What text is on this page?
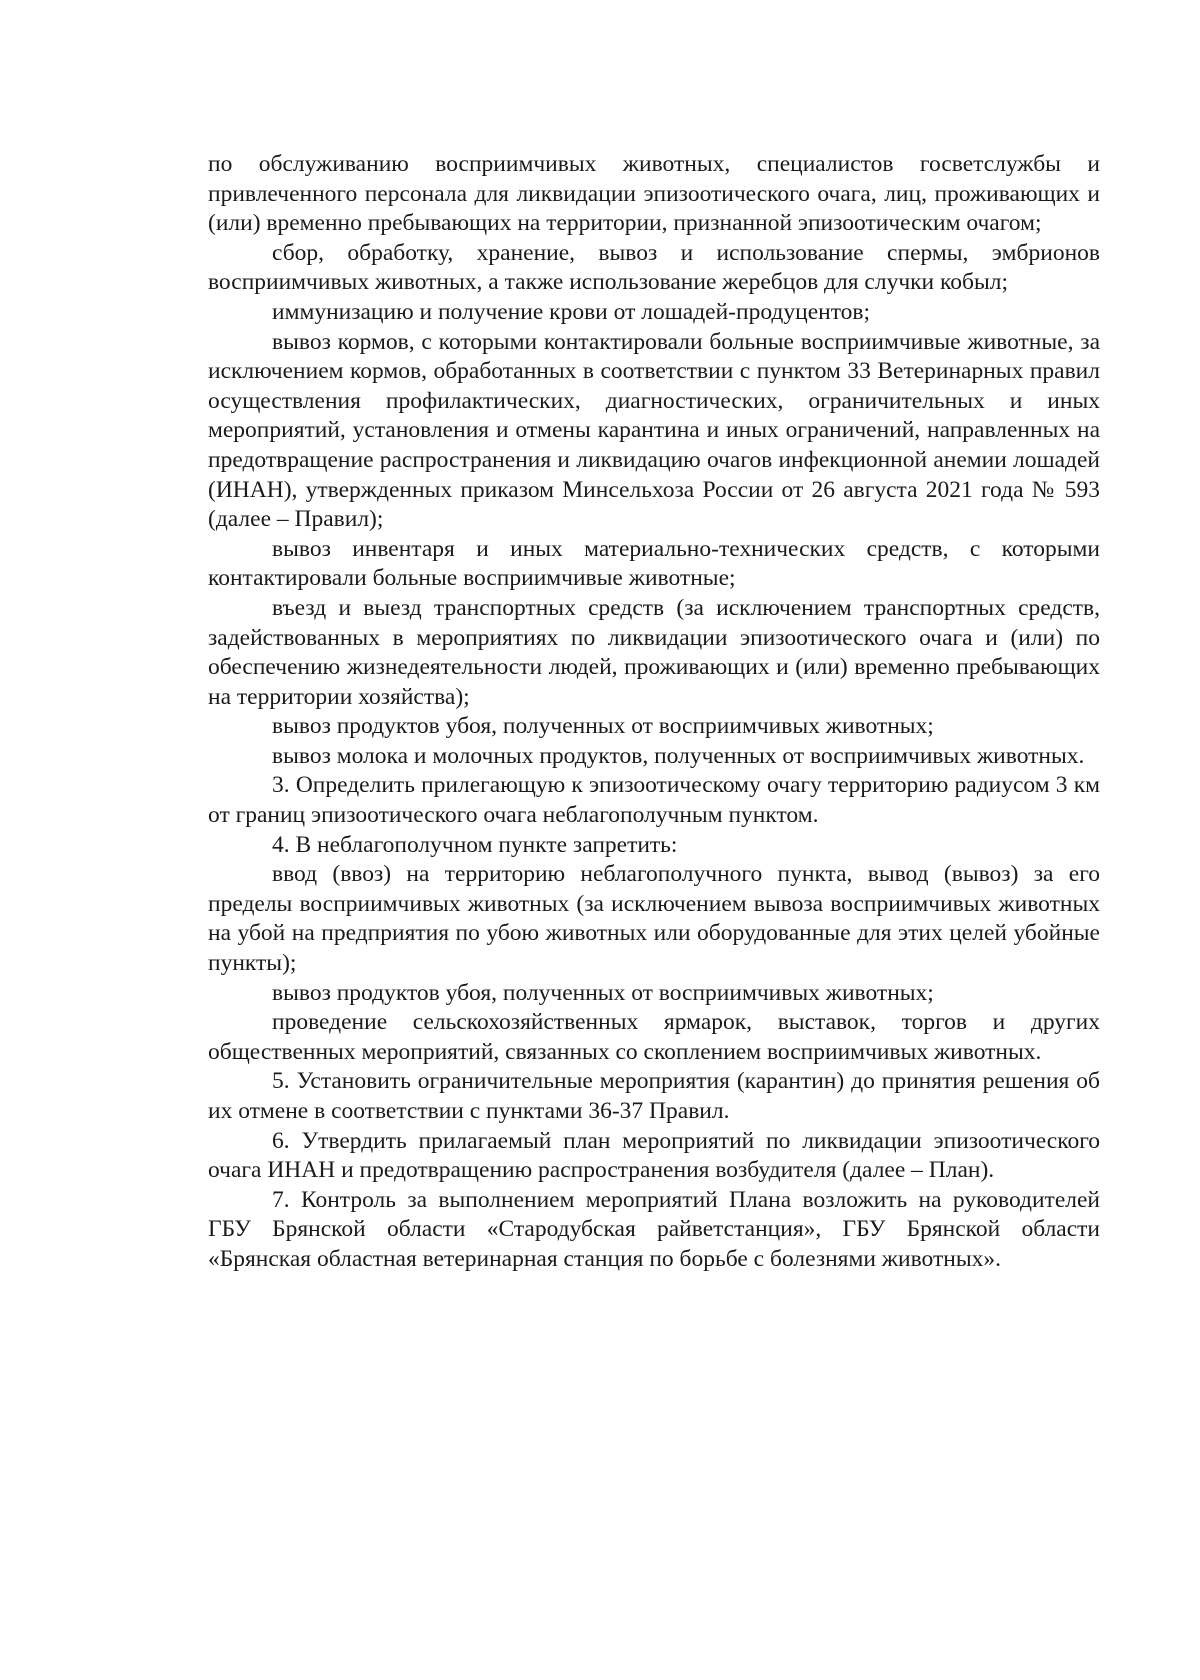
по обслуживанию восприимчивых животных, специалистов госветслужбы и привлеченного персонала для ликвидации эпизоотического очага, лиц, проживающих и (или) временно пребывающих на территории, признанной эпизоотическим очагом;

сбор, обработку, хранение, вывоз и использование спермы, эмбрионов восприимчивых животных, а также использование жеребцов для случки кобыл;

иммунизацию и получение крови от лошадей-продуцентов;

вывоз кормов, с которыми контактировали больные восприимчивые животные, за исключением кормов, обработанных в соответствии с пунктом 33 Ветеринарных правил осуществления профилактических, диагностических, ограничительных и иных мероприятий, установления и отмены карантина и иных ограничений, направленных на предотвращение распространения и ликвидацию очагов инфекционной анемии лошадей (ИНАН), утвержденных приказом Минсельхоза России от 26 августа 2021 года № 593 (далее – Правил);

вывоз инвентаря и иных материально-технических средств, с которыми контактировали больные восприимчивые животные;

въезд и выезд транспортных средств (за исключением транспортных средств, задействованных в мероприятиях по ликвидации эпизоотического очага и (или) по обеспечению жизнедеятельности людей, проживающих и (или) временно пребывающих на территории хозяйства);

вывоз продуктов убоя, полученных от восприимчивых животных;

вывоз молока и молочных продуктов, полученных от восприимчивых животных.

3. Определить прилегающую к эпизоотическому очагу территорию радиусом 3 км от границ эпизоотического очага неблагополучным пунктом.

4. В неблагополучном пункте запретить:

ввод (ввоз) на территорию неблагополучного пункта, вывод (вывоз) за его пределы восприимчивых животных (за исключением вывоза восприимчивых животных на убой на предприятия по убою животных или оборудованные для этих целей убойные пункты);

вывоз продуктов убоя, полученных от восприимчивых животных;

проведение сельскохозяйственных ярмарок, выставок, торгов и других общественных мероприятий, связанных со скоплением восприимчивых животных.

5. Установить ограничительные мероприятия (карантин) до принятия решения об их отмене в соответствии с пунктами 36-37 Правил.

6. Утвердить прилагаемый план мероприятий по ликвидации эпизоотического очага ИНАН и предотвращению распространения возбудителя (далее – План).

7. Контроль за выполнением мероприятий Плана возложить на руководителей ГБУ Брянской области «Стародубская райветстанция», ГБУ Брянской области «Брянская областная ветеринарная станция по борьбе с болезнями животных».
